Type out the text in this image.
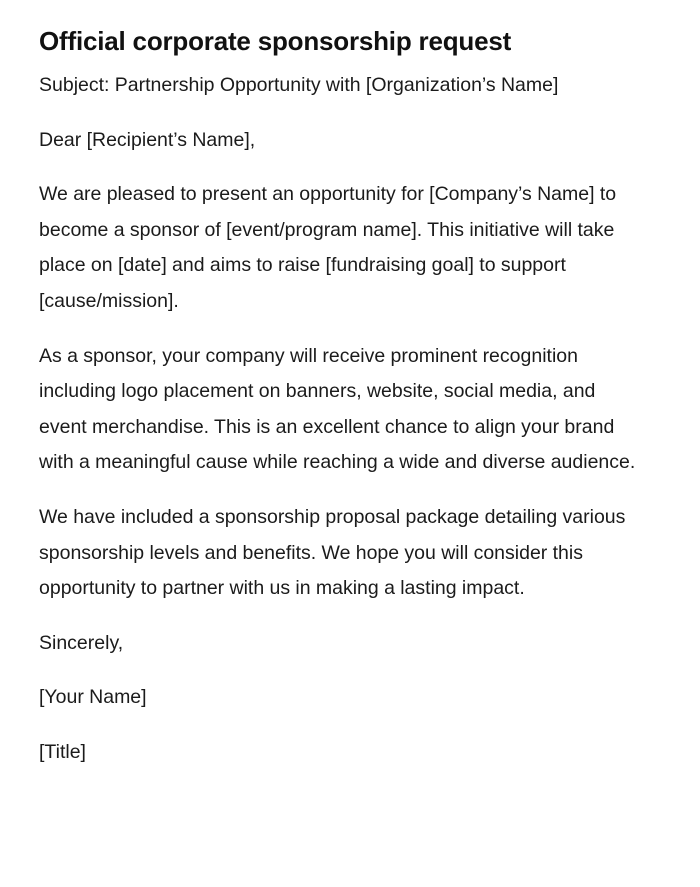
Official corporate sponsorship request

Subject: Partnership Opportunity with [Organization’s Name]

Dear [Recipient’s Name],

We are pleased to present an opportunity for [Company’s Name] to become a sponsor of [event/program name]. This initiative will take place on [date] and aims to raise [fundraising goal] to support [cause/mission].

As a sponsor, your company will receive prominent recognition including logo placement on banners, website, social media, and event merchandise. This is an excellent chance to align your brand with a meaningful cause while reaching a wide and diverse audience.

We have included a sponsorship proposal package detailing various sponsorship levels and benefits. We hope you will consider this opportunity to partner with us in making a lasting impact.

Sincerely,

[Your Name]

[Title]
